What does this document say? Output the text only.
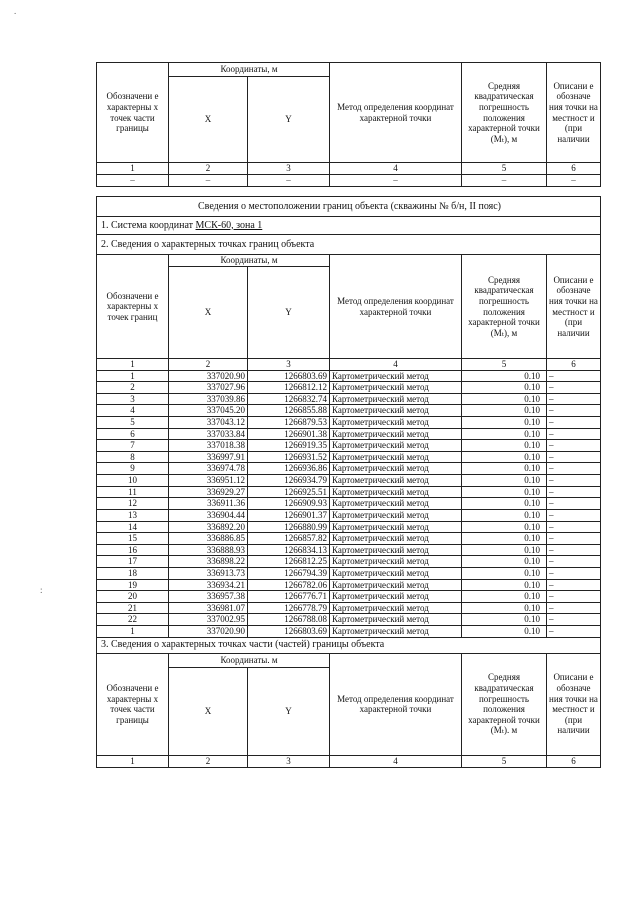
.
:
Обозначени е характерны х точек части границы	Координаты, м		Метод определения координат характерной точки	Средняя квадратическая погрешность положения характерной точки (Mₜ), м	Описани е обозначе ния точки на местност и (при наличии
	X	Y			
1	2	3	4	5	6
–	–	–	–	–	–
Сведения о местоположении границ объекта (скважины № б/н, II пояс)					
1. Система координат МСК-60, зона 1					
2. Сведения о характерных точках границ объекта					
Обозначени е характерны х точек границ	Координаты, м		Метод определения координат характерной точки	Средняя квадратическая погрешность положения характерной точки (Mₜ), м	Описани е обозначе ния точки на местност и (при наличии
	X	Y			
1	2	3	4	5	6
1	337020.90	1266803.69	Картометрический метод	0.10	–
2	337027.96	1266812.12	Картометрический метод	0.10	–
3	337039.86	1266832.74	Картометрический метод	0.10	–
4	337045.20	1266855.88	Картометрический метод	0.10	–
5	337043.12	1266879.53	Картометрический метод	0.10	–
6	337033.84	1266901.38	Картометрический метод	0.10	–
7	337018.38	1266919.35	Картометрический метод	0.10	–
8	336997.91	1266931.52	Картометрический метод	0.10	–
9	336974.78	1266936.86	Картометрический метод	0.10	–
10	336951.12	1266934.79	Картометрический метод	0.10	–
11	336929.27	1266925.51	Картометрический метод	0.10	–
12	336911.36	1266909.93	Картометрический метод	0.10	–
13	336904.44	1266901.37	Картометрический метод	0.10	–
14	336892.20	1266880.99	Картометрический метод	0.10	–
15	336886.85	1266857.82	Картометрический метод	0.10	–
16	336888.93	1266834.13	Картометрический метод	0.10	–
17	336898.22	1266812.25	Картометрический метод	0.10	–
18	336913.73	1266794.39	Картометрический метод	0.10	–
19	336934.21	1266782.06	Картометрический метод	0.10	–
20	336957.38	1266776.71	Картометрический метод	0.10	–
21	336981.07	1266778.79	Картометрический метод	0.10	–
22	337002.95	1266788.08	Картометрический метод	0.10	–
1	337020.90	1266803.69	Картометрический метод	0.10	–
3. Сведения о характерных точках части (частей) границы объекта					
Обозначени е характерны х точек части границы	Координаты. м		Метод определения координат характерной точки	Средняя квадратическая погрешность положения характерной точки (Mₜ). м	Описани е обозначе ния точки на местност и (при наличии
	X	Y			
1	2	3	4	5	6
